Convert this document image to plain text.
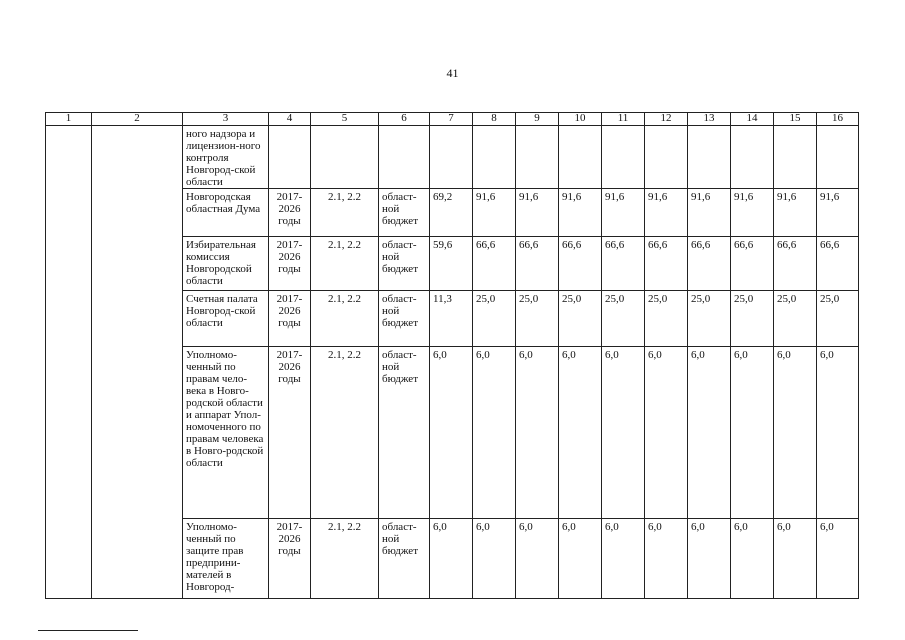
41
1	2	3	4	5	6	7	8	9	10	11	12	13	14	15	16
		ного надзора и лицензион-ного контроля Новгород-ской области													
		Новгородская областная Дума	2017-2026 годы	2.1, 2.2	област-ной бюджет	69,2	91,6	91,6	91,6	91,6	91,6	91,6	91,6	91,6	91,6
		Избирательная комиссия Новгородской области	2017-2026 годы	2.1, 2.2	област-ной бюджет	59,6	66,6	66,6	66,6	66,6	66,6	66,6	66,6	66,6	66,6
		Счетная палата Новгород-ской области	2017-2026 годы	2.1, 2.2	област-ной бюджет	11,3	25,0	25,0	25,0	25,0	25,0	25,0	25,0	25,0	25,0
		Уполномо-ченный по правам чело-века в Новго-родской области и аппарат Упол-номоченного по правам человека в Новго-родской области	2017-2026 годы	2.1, 2.2	област-ной бюджет	6,0	6,0	6,0	6,0	6,0	6,0	6,0	6,0	6,0	6,0
		Уполномо-ченный по защите прав предприни-мателей в Новгород-	2017-2026 годы	2.1, 2.2	област-ной бюджет	6,0	6,0	6,0	6,0	6,0	6,0	6,0	6,0	6,0	6,0
